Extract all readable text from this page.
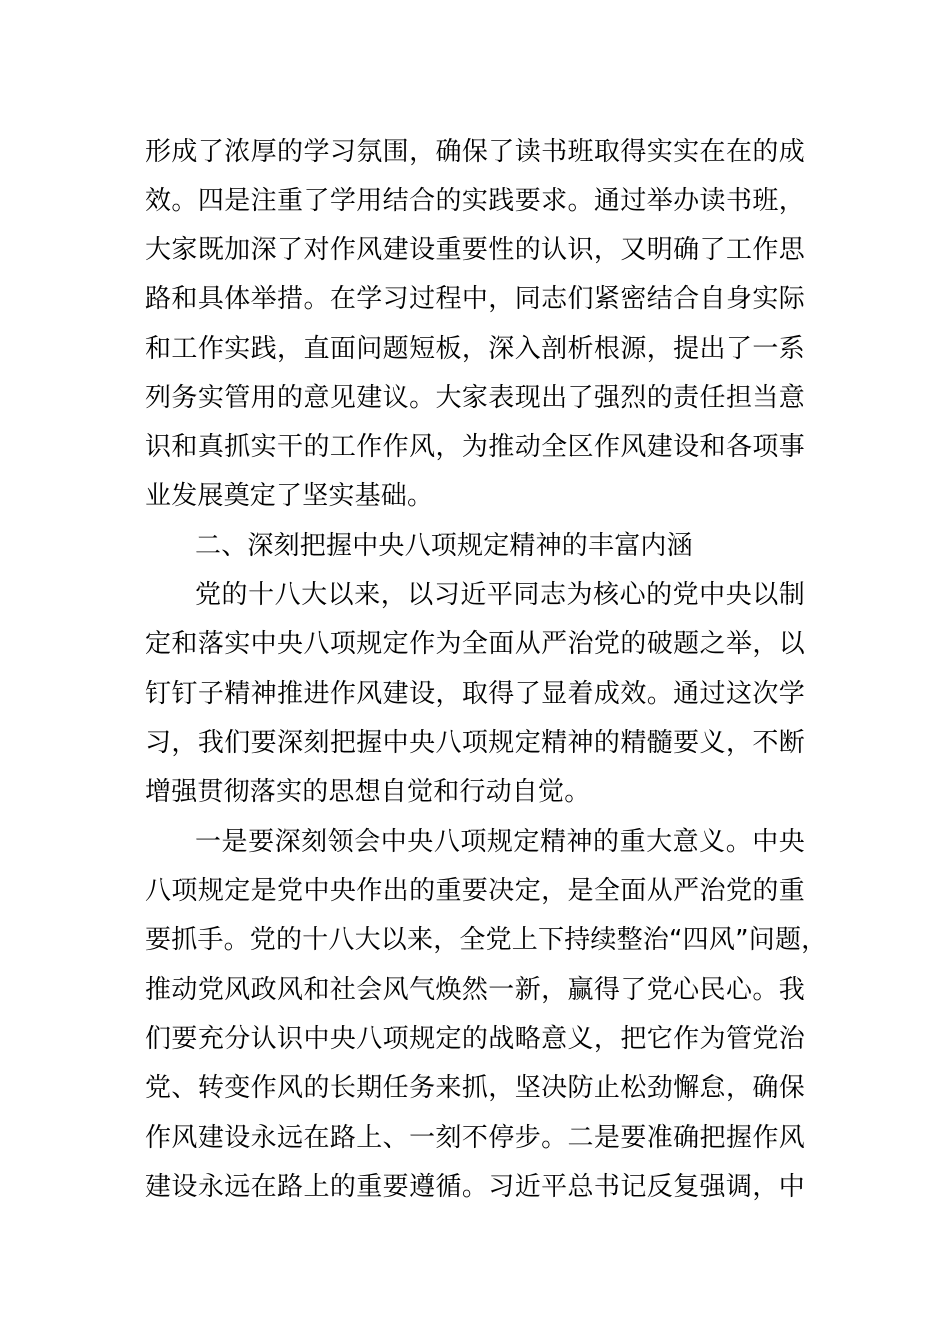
形成了浓厚的学习氛围，确保了读书班取得实实在在的成
效。四是注重了学用结合的实践要求。通过举办读书班，
大家既加深了对作风建设重要性的认识，又明确了工作思
路和具体举措。在学习过程中，同志们紧密结合自身实际
和工作实践，直面问题短板，深入剖析根源，提出了一系
列务实管用的意见建议。大家表现出了强烈的责任担当意
识和真抓实干的工作作风，为推动全区作风建设和各项事
业发展奠定了坚实基础。
二、深刻把握中央八项规定精神的丰富内涵
党的十八大以来，以习近平同志为核心的党中央以制
定和落实中央八项规定作为全面从严治党的破题之举，以
钉钉子精神推进作风建设，取得了显着成效。通过这次学
习，我们要深刻把握中央八项规定精神的精髓要义，不断
增强贯彻落实的思想自觉和行动自觉。
一是要深刻领会中央八项规定精神的重大意义。中央
八项规定是党中央作出的重要决定，是全面从严治党的重
要抓手。党的十八大以来，全党上下持续整治“四风”问题，
推动党风政风和社会风气焕然一新，赢得了党心民心。我
们要充分认识中央八项规定的战略意义，把它作为管党治
党、转变作风的长期任务来抓，坚决防止松劲懈怠，确保
作风建设永远在路上、一刻不停步。二是要准确把握作风
建设永远在路上的重要遵循。习近平总书记反复强调，中
